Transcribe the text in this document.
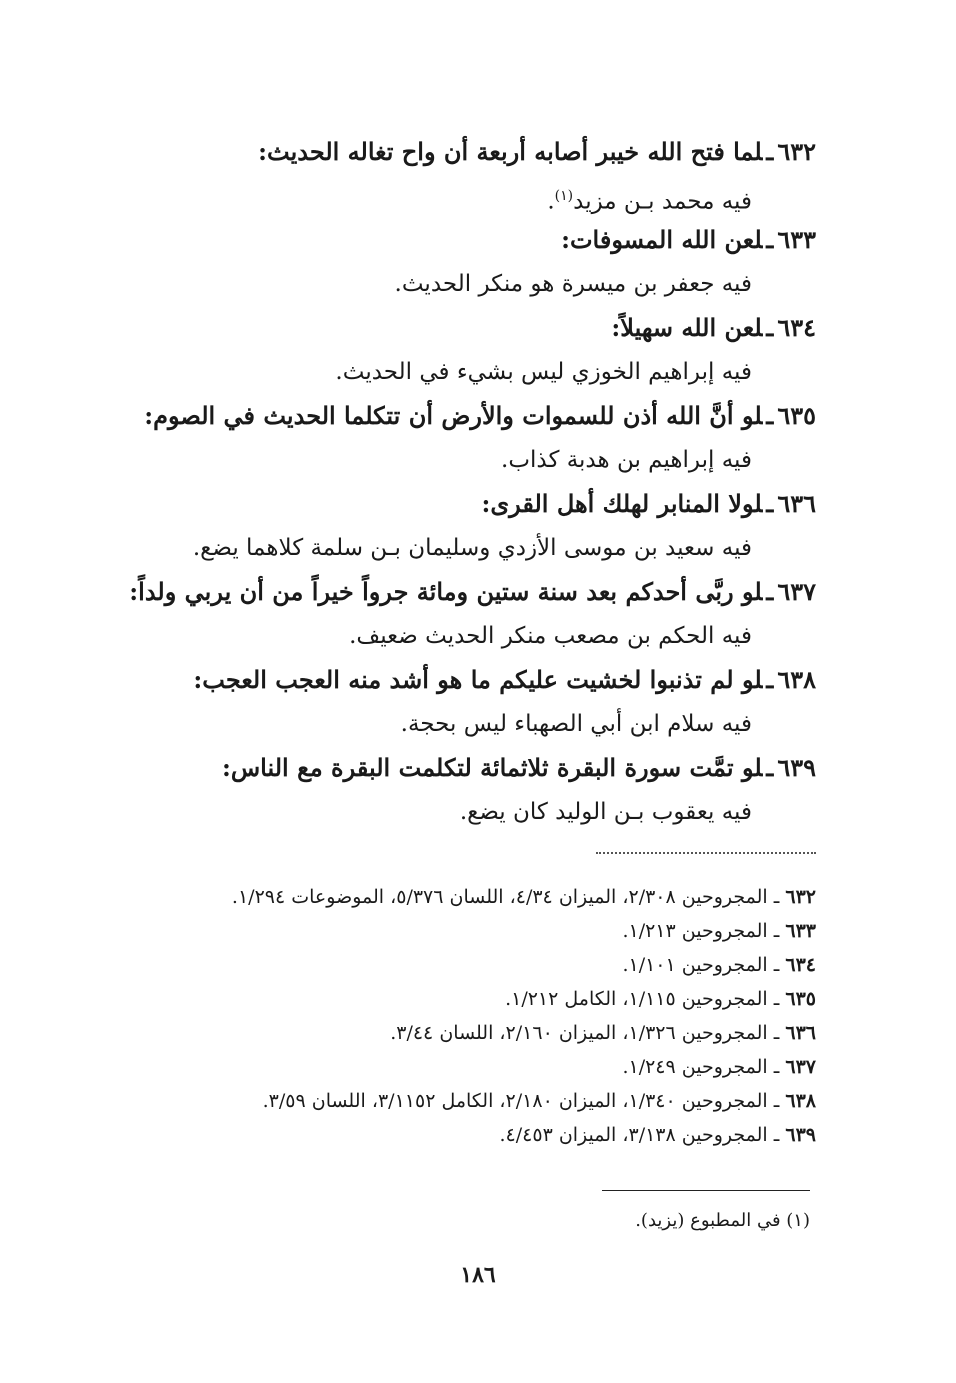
٦٣٢ـلما فتح الله خيبر أصابه أربعة أن واح تغاله الحديث:
فيه محمد بـن مزيد$^{(١)}$.
٦٣٣ـلعن الله المسوفات:
فيه جعفر بن ميسرة هو منكر الحديث.
٦٣٤ـلعن الله سهيلاً:
فيه إبراهيم الخوزي ليس بشيء في الحديث.
٦٣٥ـلو أنَّ الله أذن للسموات والأرض أن تتكلما الحديث في الصوم:
فيه إبراهيم بن هدبة كذاب.
٦٣٦ـلولا المنابر لهلك أهل القرى:
فيه سعيد بن موسى الأزدي وسليمان بـن سلمة كلاهما يضع.
٦٣٧ـلو ربَّى أحدكم بعد سنة ستين ومائة جرواً خيراً من أن يربي ولداً:
فيه الحكم بن مصعب منكر الحديث ضعيف.
٦٣٨ـلو لم تذنبوا لخشيت عليكم ما هو أشد منه العجب العجب:
فيه سلام ابن أبي الصهباء ليس بحجة.
٦٣٩ـلو تمَّت سورة البقرة ثلاثمائة لتكلمت البقرة مع الناس:
فيه يعقوب بـن الوليد كان يضع.
٦٣٢ ـ المجروحين ٢/٣٠٨، الميزان ٤/٣٤، اللسان ٥/٣٧٦، الموضوعات ١/٢٩٤.
٦٣٣ ـ المجروحين ١/٢١٣.
٦٣٤ ـ المجروحين ١/١٠١.
٦٣٥ ـ المجروحين ١/١١٥، الكامل ١/٢١٢.
٦٣٦ ـ المجروحين ١/٣٢٦، الميزان ٢/١٦٠، اللسان ٣/٤٤.
٦٣٧ ـ المجروحين ١/٢٤٩.
٦٣٨ ـ المجروحين ١/٣٤٠، الميزان ٢/١٨٠، الكامل ٣/١١٥٢، اللسان ٣/٥٩.
٦٣٩ ـ المجروحين ٣/١٣٨، الميزان ٤/٤٥٣.
(١) في المطبوع (يزيد).
١٨٦
